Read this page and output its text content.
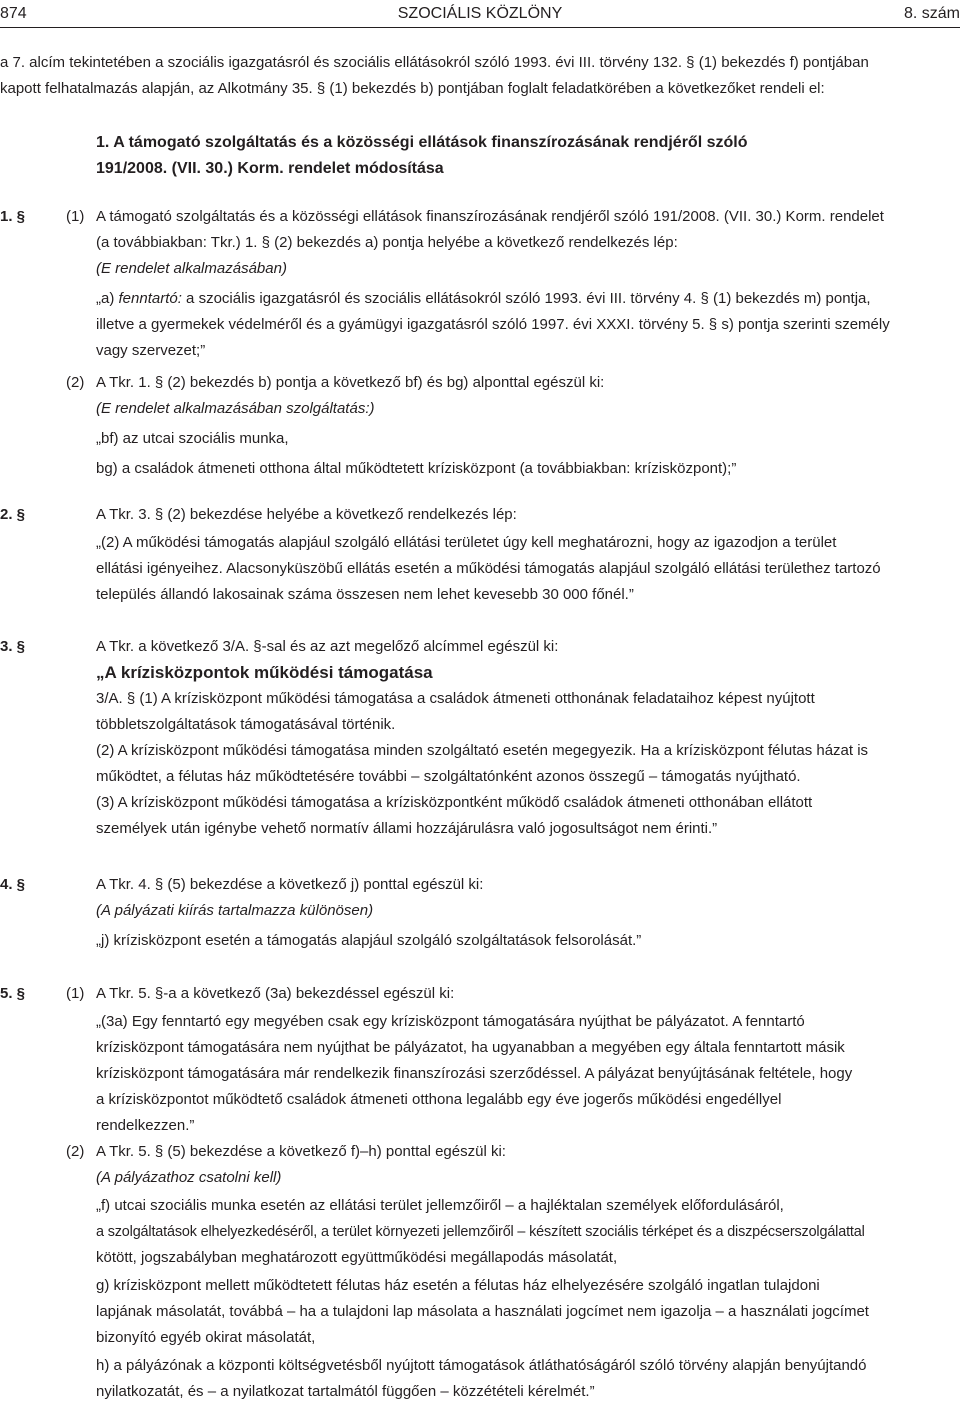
874	SZOCIÁLIS KÖZLÖNY	8. szám
a 7. alcím tekintetében a szociális igazgatásról és szociális ellátásokról szóló 1993. évi III. törvény 132. § (1) bekezdés f) pontjában
kapott felhatalmazás alapján, az Alkotmány 35. § (1) bekezdés b) pontjában foglalt feladatkörében a következőket rendeli el:
1. A támogató szolgáltatás és a közösségi ellátások finanszírozásának rendjéről szóló
191/2008. (VII. 30.) Korm. rendelet módosítása
1. §	(1) A támogató szolgáltatás és a közösségi ellátások finanszírozásának rendjéről szóló 191/2008. (VII. 30.) Korm. rendelet
(a továbbiakban: Tkr.) 1. § (2) bekezdés a) pontja helyébe a következő rendelkezés lép:
(E rendelet alkalmazásában)
„a) fenntartó: a szociális igazgatásról és szociális ellátásokról szóló 1993. évi III. törvény 4. § (1) bekezdés m) pontja,
illetve a gyermekek védelméről és a gyámügyi igazgatásról szóló 1997. évi XXXI. törvény 5. § s) pontja szerinti személy
vagy szervezet;”
(2) A Tkr. 1. § (2) bekezdés b) pontja a következő bf) és bg) alponttal egészül ki:
(E rendelet alkalmazásában szolgáltatás:)
„bf) az utcai szociális munka,
bg) a családok átmeneti otthona által működtetett krízisközpont (a továbbiakban: krízisközpont);”
2. §	A Tkr. 3. § (2) bekezdése helyébe a következő rendelkezés lép:
„(2) A működési támogatás alapjául szolgáló ellátási területet úgy kell meghatározni, hogy az igazodjon a terület
ellátási igényeihez. Alacsonyküszöbű ellátás esetén a működési támogatás alapjául szolgáló ellátási területhez tartozó
település állandó lakosainak száma összesen nem lehet kevesebb 30 000 főnél.”
3. §	A Tkr. a következő 3/A. §-sal és az azt megelőző alcímmel egészül ki:
„A krízisközpontok működési támogatása
3/A. § (1) A krízisközpont működési támogatása a családok átmeneti otthonának feladataihoz képest nyújtott
többletszolgáltatások támogatásával történik.
(2) A krízisközpont működési támogatása minden szolgáltató esetén megegyezik. Ha a krízisközpont félutas házat is
működtet, a félutas ház működtetésére további – szolgáltatónként azonos összegű – támogatás nyújtható.
(3) A krízisközpont működési támogatása a krízisközpontként működő családok átmeneti otthonában ellátott
személyek után igénybe vehető normatív állami hozzájárulásra való jogosultságot nem érinti.”
4. §	A Tkr. 4. § (5) bekezdése a következő j) ponttal egészül ki:
(A pályázati kiírás tartalmazza különösen)
„j) krízisközpont esetén a támogatás alapjául szolgáló szolgáltatások felsorolását.”
5. §	(1) A Tkr. 5. §-a a következő (3a) bekezdéssel egészül ki:
„(3a) Egy fenntartó egy megyében csak egy krízisközpont támogatására nyújthat be pályázatot. A fenntartó
krízisközpont támogatására nem nyújthat be pályázatot, ha ugyanabban a megyében egy általa fenntartott másik
krízisközpont támogatására már rendelkezik finanszírozási szerződéssel. A pályázat benyújtásának feltétele, hogy
a krízisközpontot működtető családok átmeneti otthona legalább egy éve jogerős működési engedéllyel
rendelkezzen.”
(2) A Tkr. 5. § (5) bekezdése a következő f)–h) ponttal egészül ki:
(A pályázathoz csatolni kell)
„f) utcai szociális munka esetén az ellátási terület jellemzőiről – a hajléktalan személyek előfordulásáról,
a szolgáltatások elhelyezkedéséről, a terület környezeti jellemzőiről – készített szociális térképet és a diszpécserszolgálattal
kötött, jogszabályban meghatározott együttműködési megállapodás másolatát,
g) krízisközpont mellett működtetett félutas ház esetén a félutas ház elhelyezésére szolgáló ingatlan tulajdoni
lapjának másolatát, továbbá – ha a tulajdoni lap másolata a használati jogcímet nem igazolja – a használati jogcímet
bizonyító egyéb okirat másolatát,
h) a pályázónak a központi költségvetésből nyújtott támogatások átláthatóságáról szóló törvény alapján benyújtandó
nyilatkozatát, és – a nyilatkozat tartalmától függően – közzétételi kérelmét.”
